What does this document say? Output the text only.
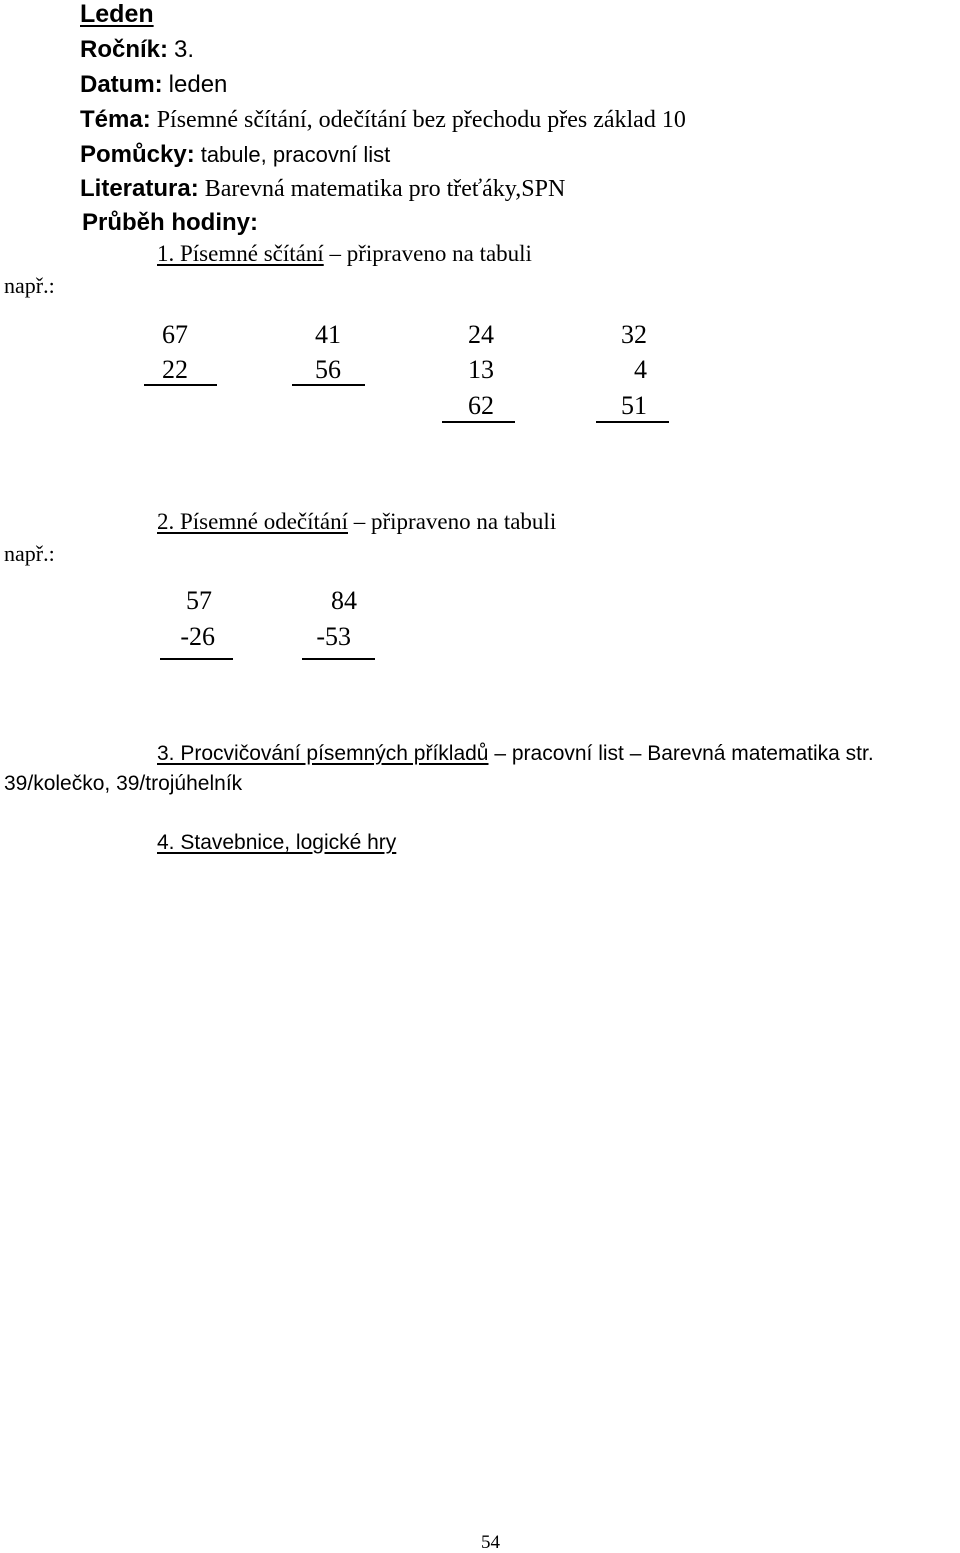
Leden
Ročník: 3.
Datum: leden
Téma: Písemné sčítání, odečítání bez přechodu přes základ 10
Pomůcky: tabule, pracovní list
Literatura: Barevná matematika pro třeťáky,SPN
Průběh hodiny:
1. Písemné sčítání – připraveno na tabuli
např.:
67
22
41
56
24
13
62
32
4
51
2. Písemné odečítání – připraveno na tabuli
např.:
57
-26
84
-53
3. Procvičování písemných příkladů – pracovní list – Barevná matematika str.
39/kolečko, 39/trojúhelník
4. Stavebnice, logické hry
54
